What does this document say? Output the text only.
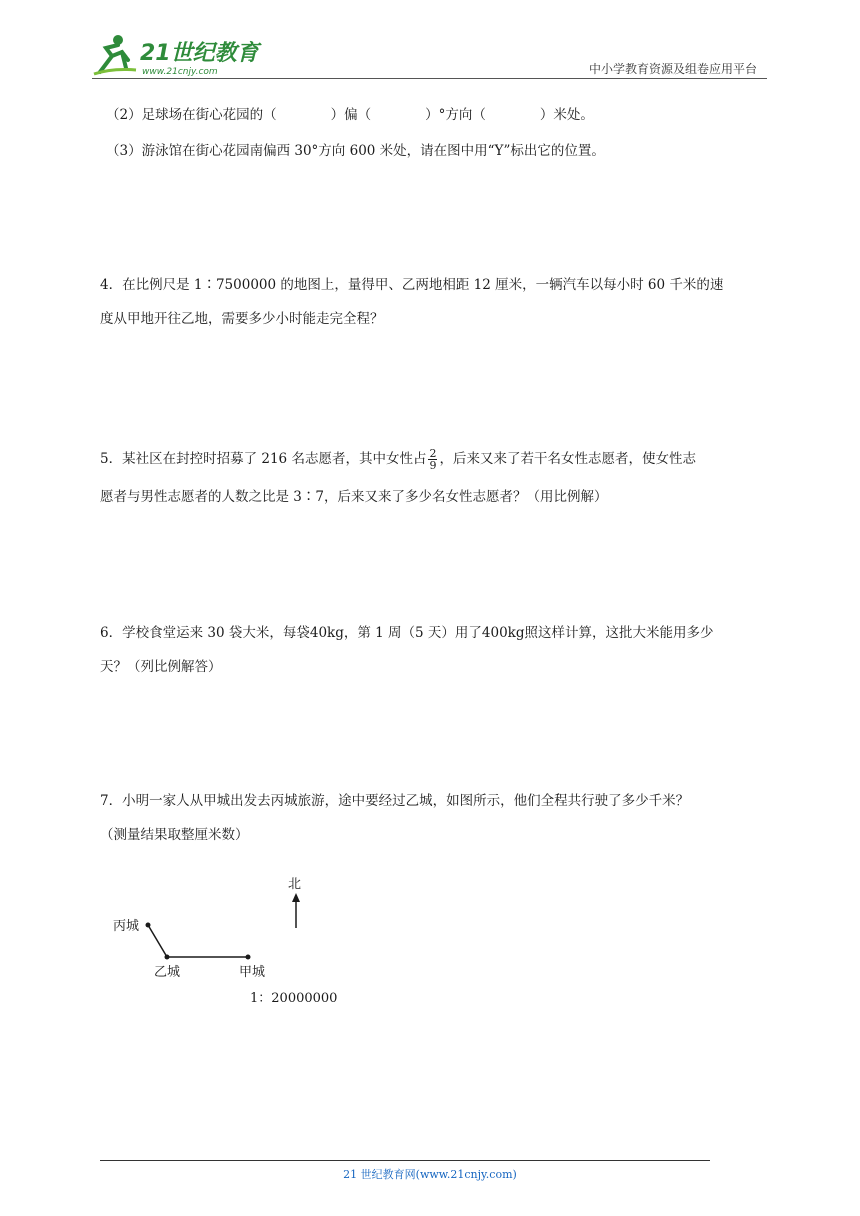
21世纪教育
www.21cnjy.com	中小学教育资源及组卷应用平台
（2）足球场在街心花园的（　　　　）偏（　　　　）°方向（　　　　）米处。
（3）游泳馆在街心花园南偏西 30°方向 600 米处，请在图中用“Y”标出它的位置。
4．在比例尺是 1∶7500000 的地图上，量得甲、乙两地相距 12 厘米，一辆汽车以每小时 60 千米的速
度从甲地开往乙地，需要多少小时能走完全程？
5．某社区在封控时招募了 216 名志愿者，其中女性占 $\frac{2}{9}$ ，后来又来了若干名女性志愿者，使女性志
愿者与男性志愿者的人数之比是 3∶7，后来又来了多少名女性志愿者？（用比例解）
6．学校食堂运来 30 袋大米，每袋40kg，第 1 周（5 天）用了400kg照这样计算，这批大米能用多少
天？（列比例解答）
7．小明一家人从甲城出发去丙城旅游，途中要经过乙城，如图所示，他们全程共行驶了多少千米？
（测量结果取整厘米数）
北
丙城
乙城	甲城
1：20000000
21 世纪教育网(www.21cnjy.com)
